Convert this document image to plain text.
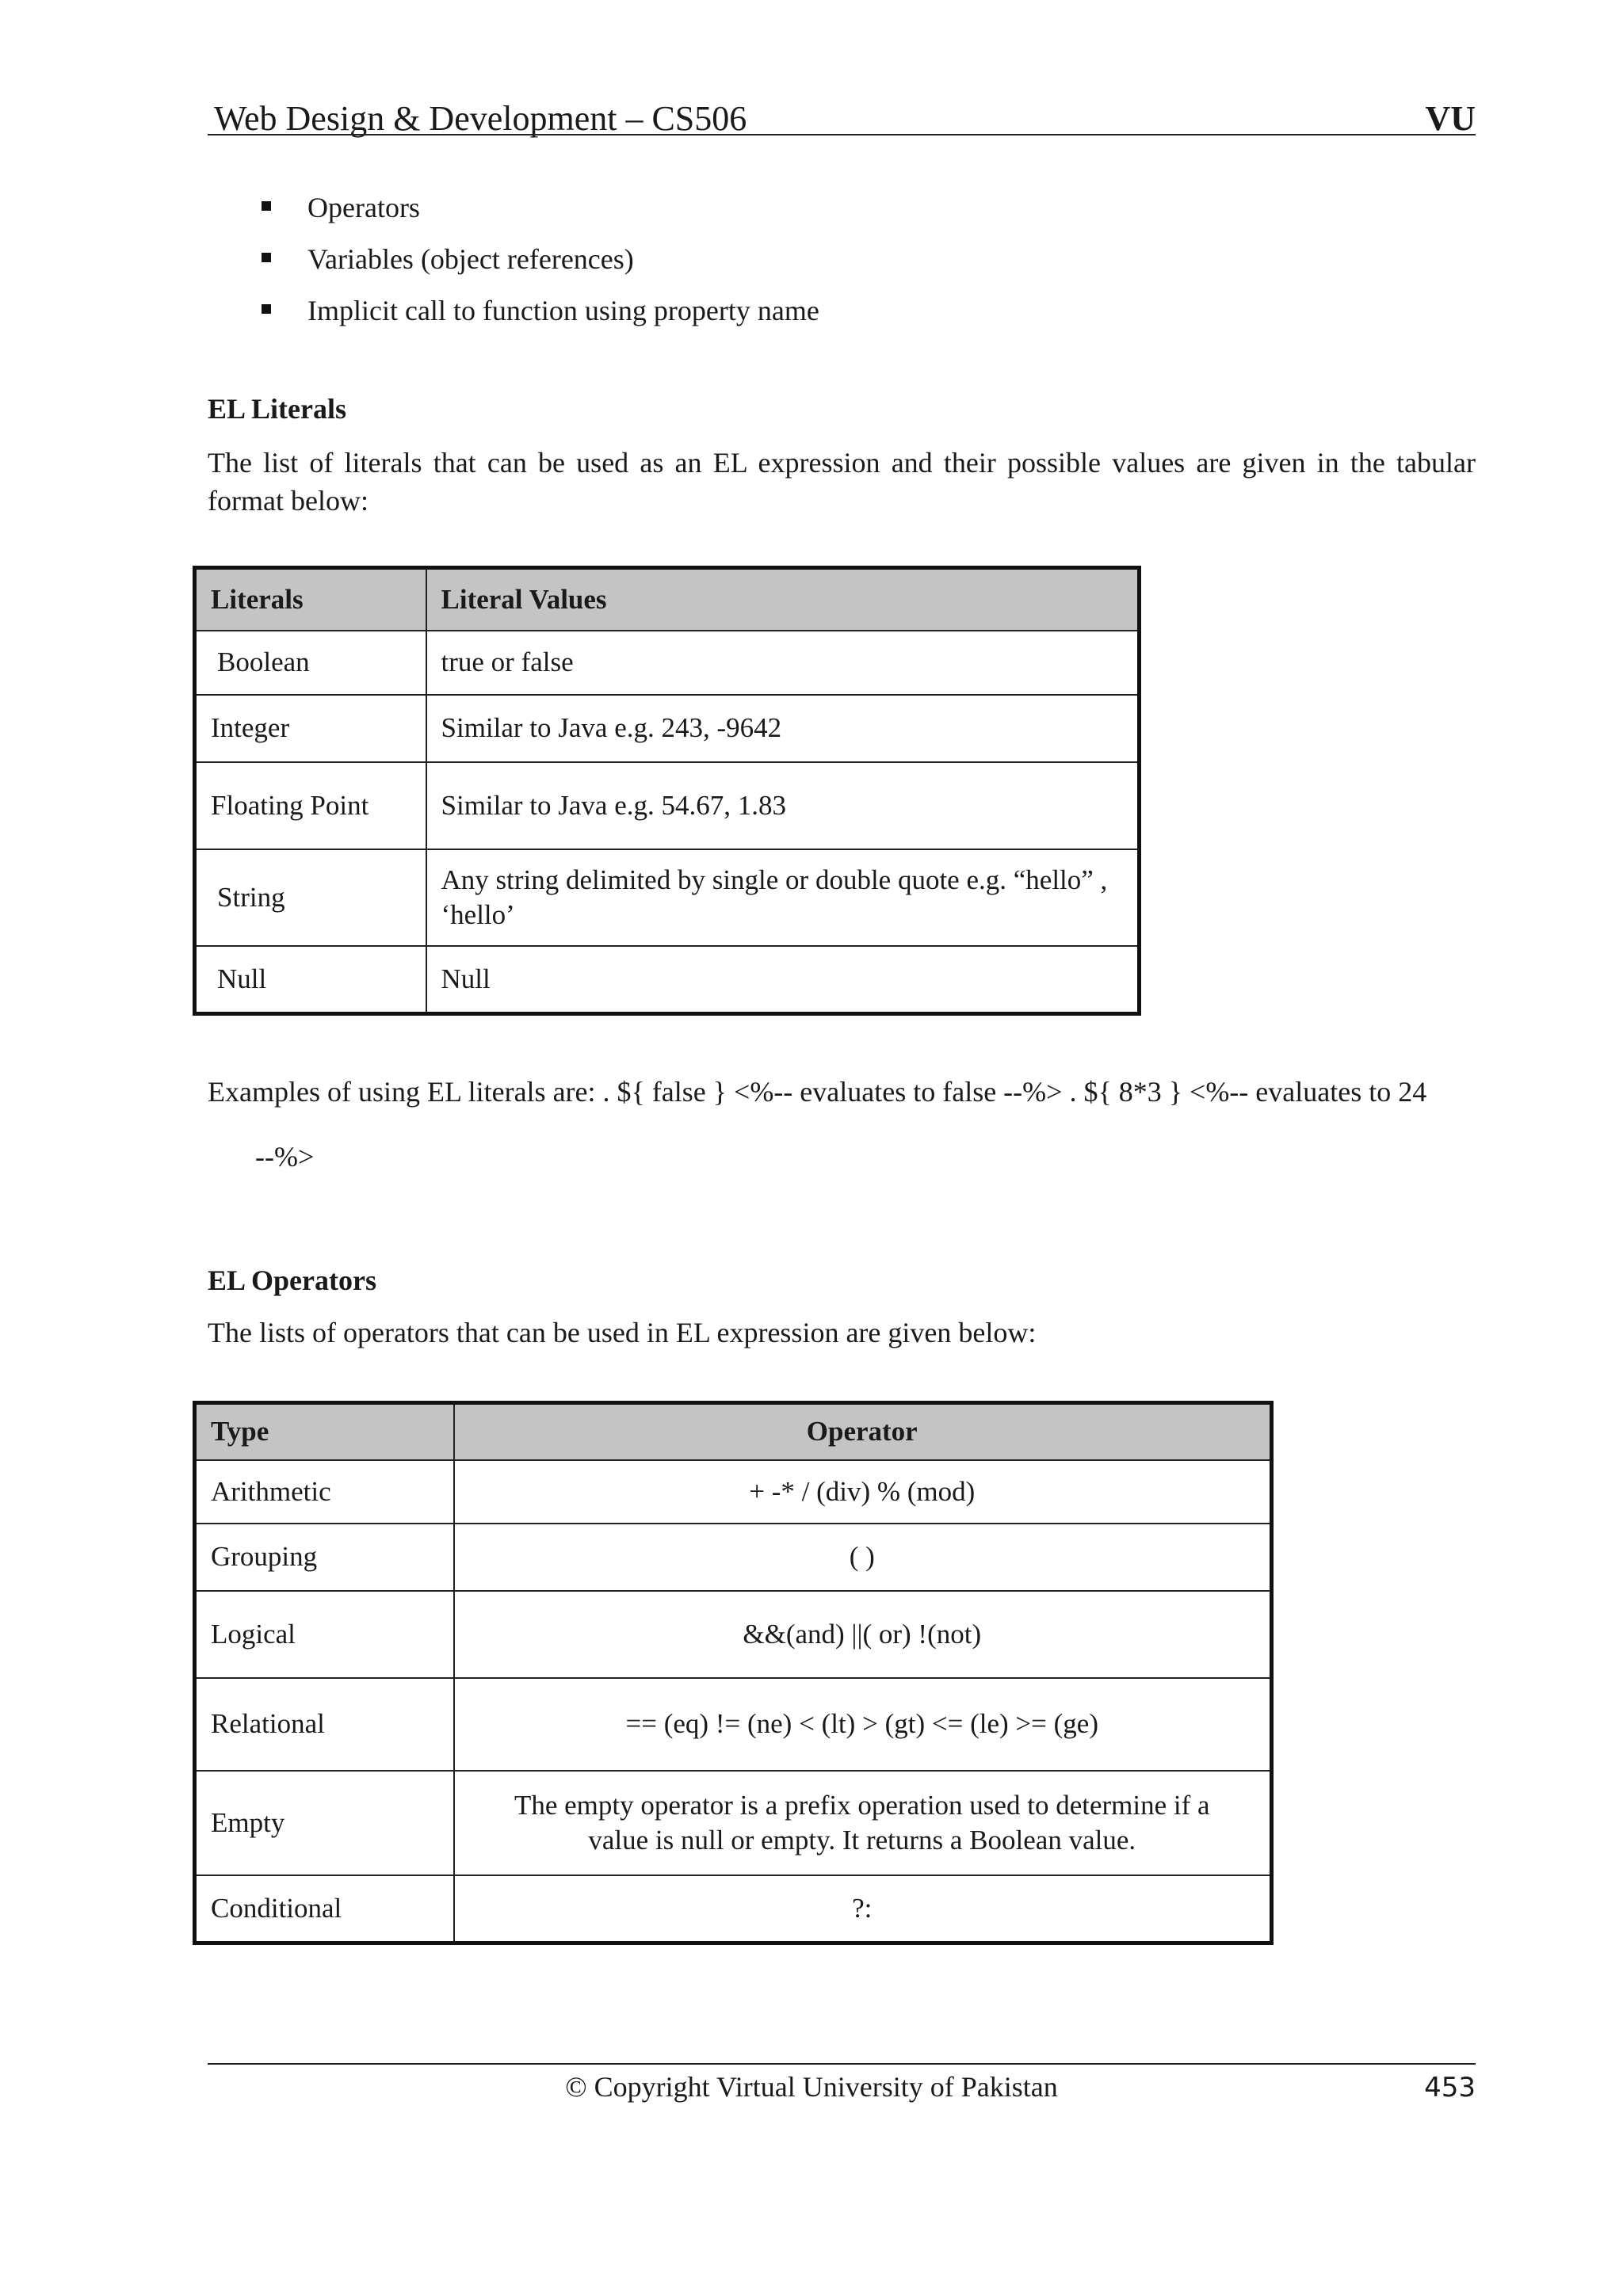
Web Design & Development – CS506	VU
Operators
Variables (object references)
Implicit call to function using property name
EL Literals
The list of literals that can be used as an EL expression and their possible values are given in the tabular format below:
Literals	Literal Values
Boolean	true or false
Integer	Similar to Java e.g. 243, -9642
Floating Point	Similar to Java e.g. 54.67, 1.83
String	Any string delimited by single or double quote e.g. “hello” , ‘hello’
Null	Null
Examples of using EL literals are: . ${ false } <%-- evaluates to false --%> . ${ 8*3 } <%-- evaluates to 24
--%>
EL Operators
The lists of operators that can be used in EL expression are given below:
Type	Operator
Arithmetic	+ -* / (div) % (mod)
Grouping	( )
Logical	&&(and) ||( or) !(not)
Relational	== (eq) != (ne) < (lt) > (gt) <= (le) >= (ge)
Empty	The empty operator is a prefix operation used to determine if a value is null or empty. It returns a Boolean value.
Conditional	?:
© Copyright Virtual University of Pakistan	453
